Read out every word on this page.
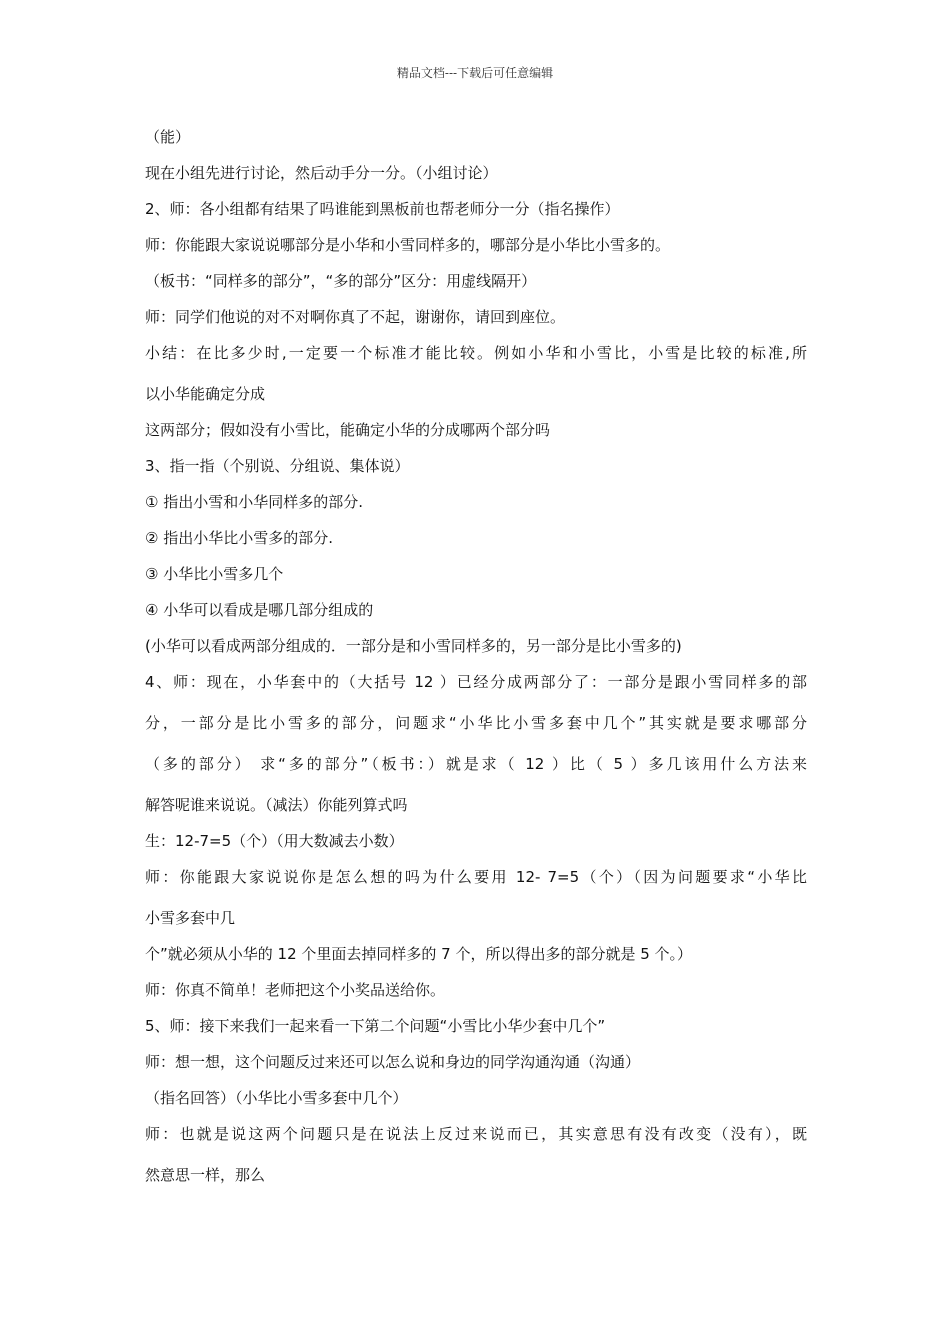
精品文档---下载后可任意编辑
（能）
现在小组先进行讨论，然后动手分一分。（小组讨论）
2、师：各小组都有结果了吗谁能到黑板前也帮老师分一分（指名操作）
师：你能跟大家说说哪部分是小华和小雪同样多的，哪部分是小华比小雪多的。
（板书：“同样多的部分”，“多的部分”区分：用虚线隔开）
师：同学们他说的对不对啊你真了不起，谢谢你，请回到座位。
小结：在比多少时,一定要一个标准才能比较。例如小华和小雪比，小雪是比较的标准,所
以小华能确定分成
这两部分；假如没有小雪比，能确定小华的分成哪两个部分吗
3、指一指（个别说、分组说、集体说）
① 指出小雪和小华同样多的部分.
② 指出小华比小雪多的部分.
③ 小华比小雪多几个
④ 小华可以看成是哪几部分组成的
(小华可以看成两部分组成的．一部分是和小雪同样多的，另一部分是比小雪多的)
4、师：现在，小华套中的（大括号 12 ）已经分成两部分了：一部分是跟小雪同样多的部
分，一部分是比小雪多的部分，问题求“小华比小雪多套中几个”其实就是要求哪部分
（多的部分） 求“多的部分”（板书：）就是求（ 12 ）比（ 5 ）多几该用什么方法来
解答呢谁来说说。（减法）你能列算式吗
生：12-7=5（个）（用大数减去小数）
师：你能跟大家说说你是怎么想的吗为什么要用 12- 7=5（个）（因为问题要求“小华比
小雪多套中几
个”就必须从小华的 12 个里面去掉同样多的 7 个，所以得出多的部分就是 5 个。）
师：你真不简单！老师把这个小奖品送给你。
5、师：接下来我们一起来看一下第二个问题“小雪比小华少套中几个”
师：想一想，这个问题反过来还可以怎么说和身边的同学沟通沟通（沟通）
（指名回答）（小华比小雪多套中几个）
师：也就是说这两个问题只是在说法上反过来说而已，其实意思有没有改变（没有），既
然意思一样，那么
